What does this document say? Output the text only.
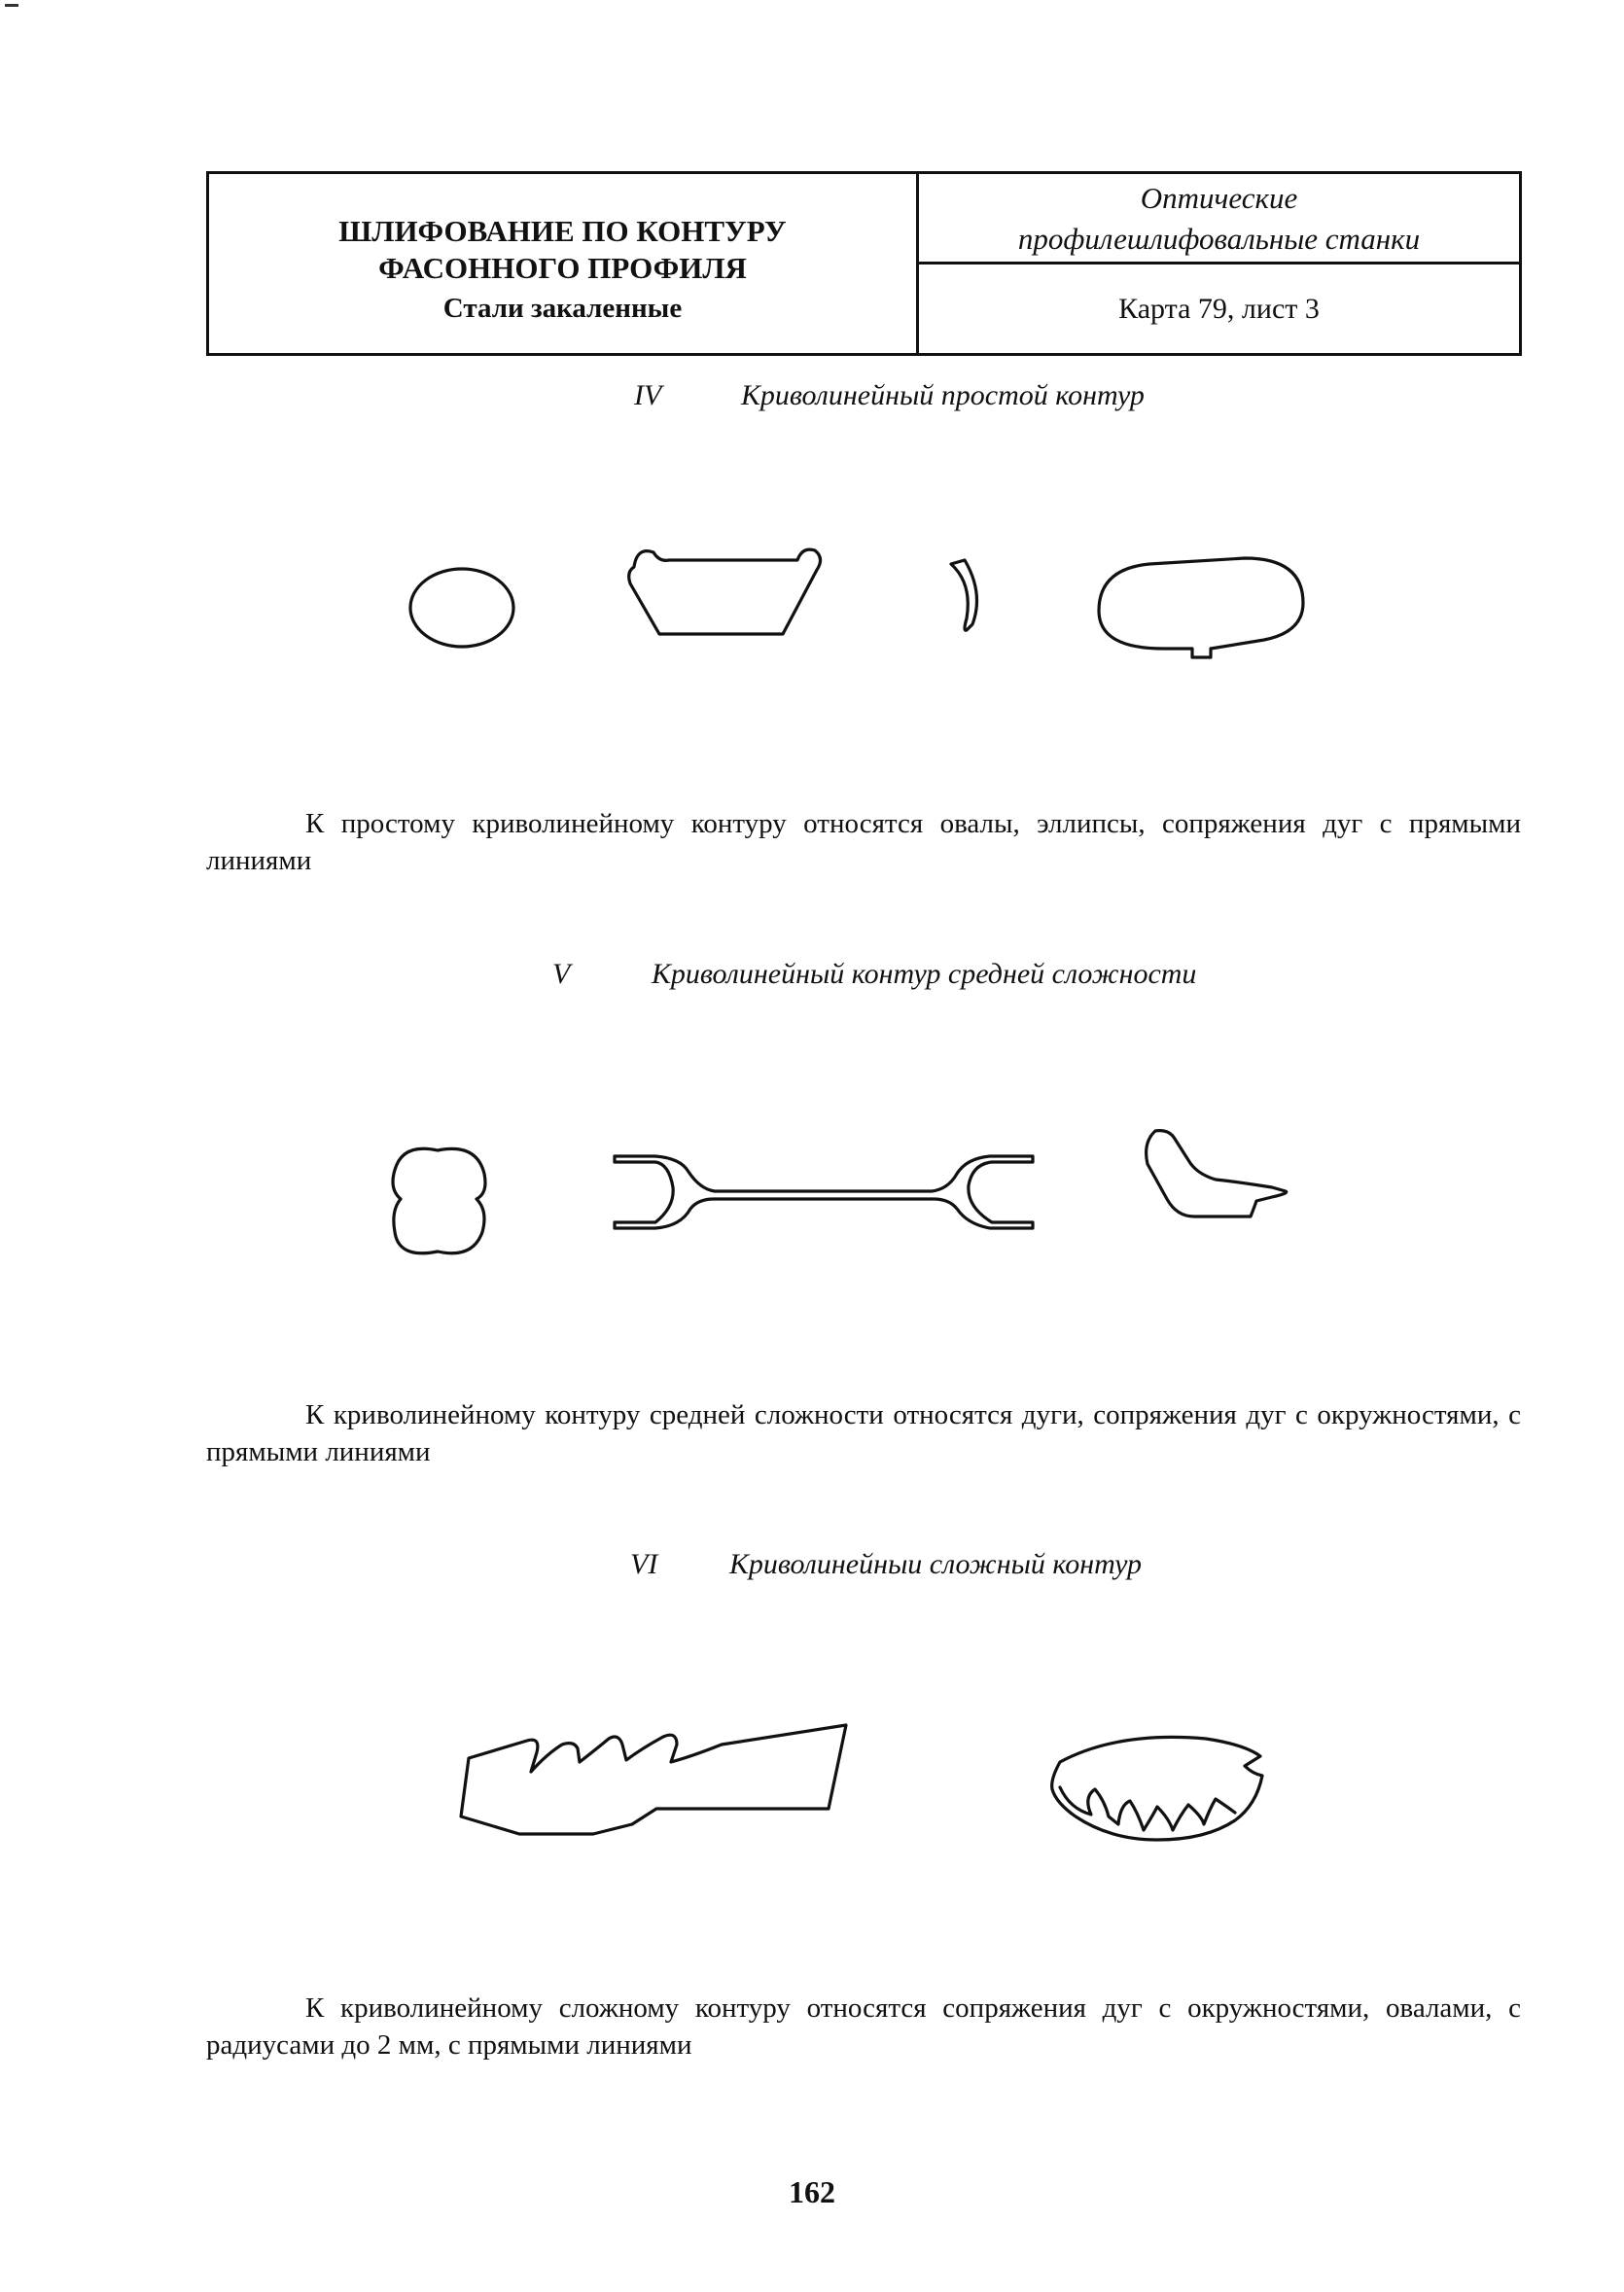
ШЛИФОВАНИЕ ПО КОНТУРУ
ФАСОННОГО ПРОФИЛЯ
Стали закаленные
Оптические
профилешлифовальные станки
Карта 79, лист 3
IV	Криволинейный простой контур
К простому криволинейному контуру относятся овалы, эллипсы, сопряжения дуг с прямыми линиями
V	Криволинейный контур средней сложности
К криволинейному контуру средней сложности относятся дуги, сопряжения дуг с окружностями, с прямыми линиями
VI Криволинейныи сложный контур
К криволинейному сложному контуру относятся сопряжения дуг с окружностями, овалами, с радиусами до 2 мм, с прямыми линиями
162
